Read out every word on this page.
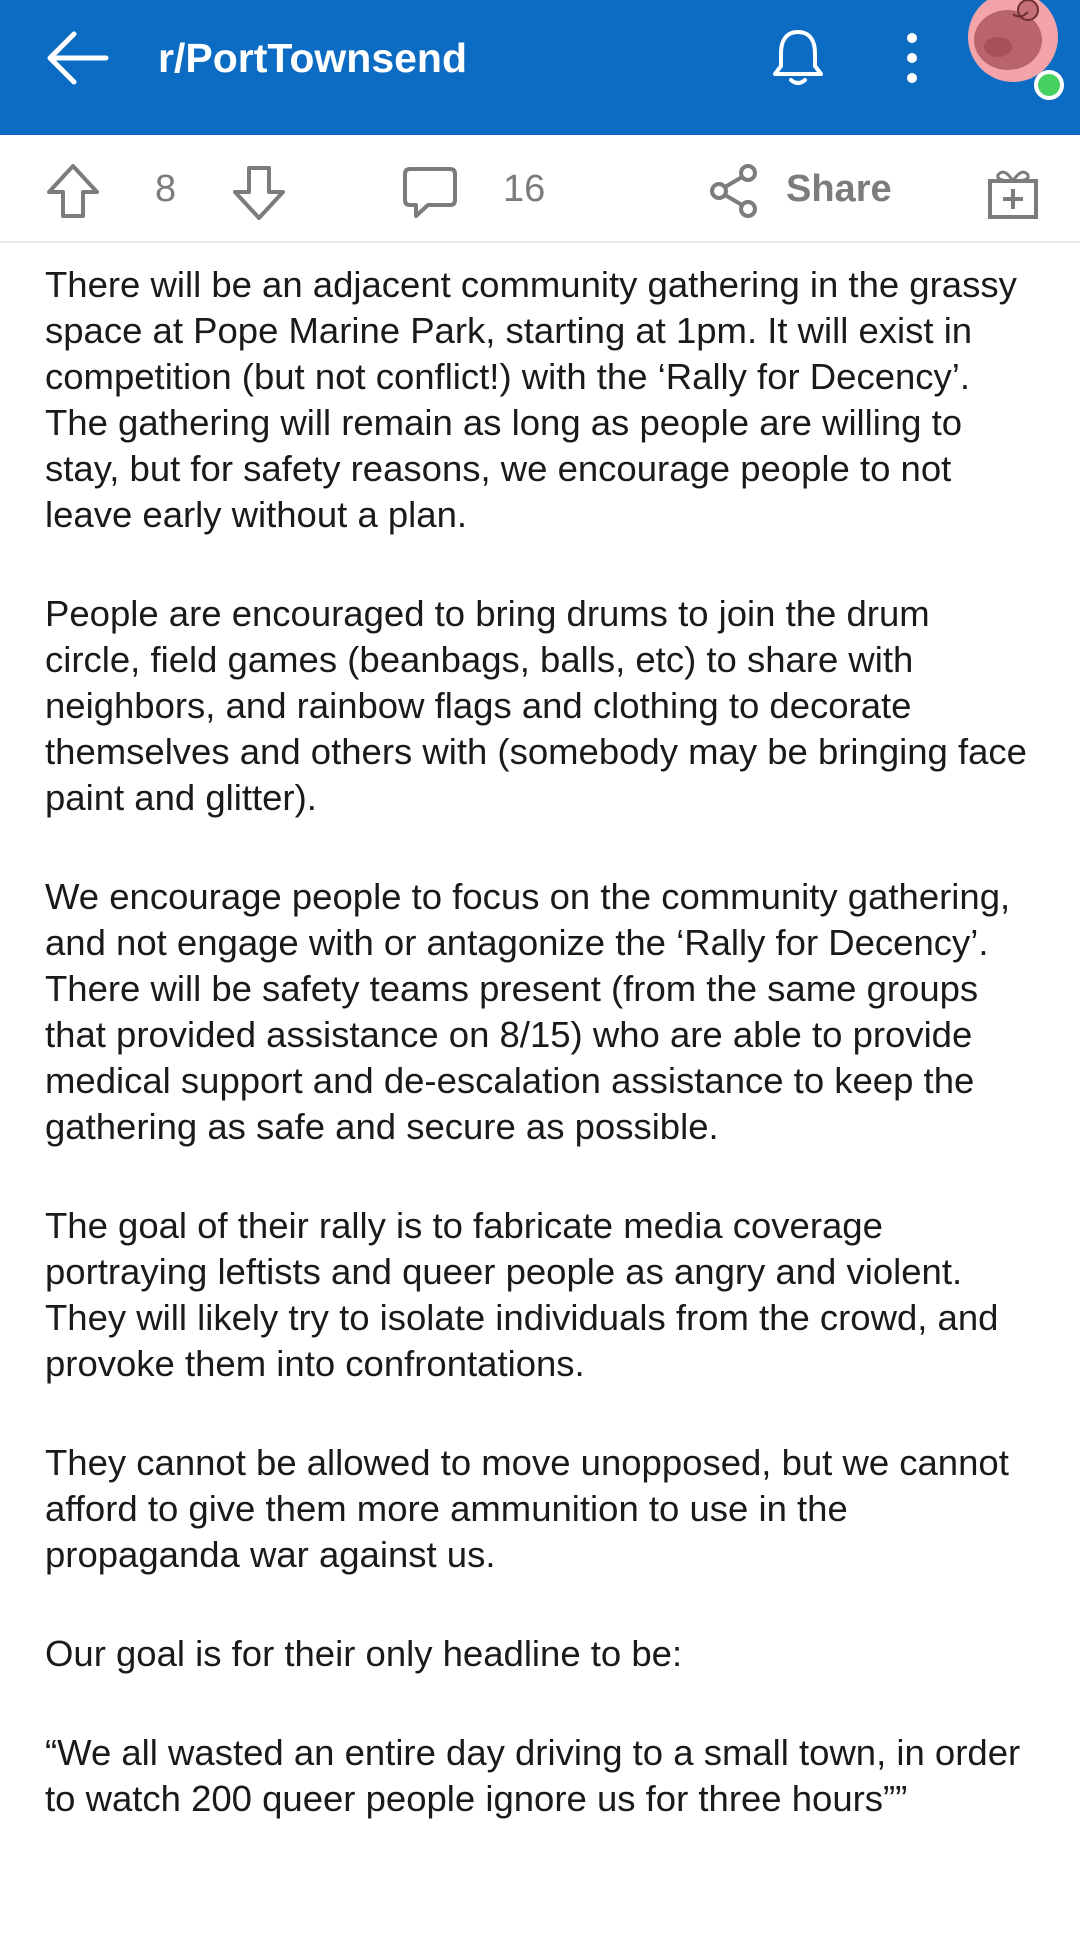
r/PortTownsend
8	16	Share

There will be an adjacent community gathering in the grassy space at Pope Marine Park, starting at 1pm. It will exist in competition (but not conflict!) with the ‘Rally for Decency’. The gathering will remain as long as people are willing to stay, but for safety reasons, we encourage people to not leave early without a plan.

People are encouraged to bring drums to join the drum circle, field games (beanbags, balls, etc) to share with neighbors, and rainbow flags and clothing to decorate themselves and others with (somebody may be bringing face paint and glitter).

We encourage people to focus on the community gathering, and not engage with or antagonize the ‘Rally for Decency’. There will be safety teams present (from the same groups that provided assistance on 8/15) who are able to provide medical support and de-escalation assistance to keep the gathering as safe and secure as possible.

The goal of their rally is to fabricate media coverage portraying leftists and queer people as angry and violent. They will likely try to isolate individuals from the crowd, and provoke them into confrontations.

They cannot be allowed to move unopposed, but we cannot afford to give them more ammunition to use in the propaganda war against us.

Our goal is for their only headline to be:

“We all wasted an entire day driving to a small town, in order to watch 200 queer people ignore us for three hours””
